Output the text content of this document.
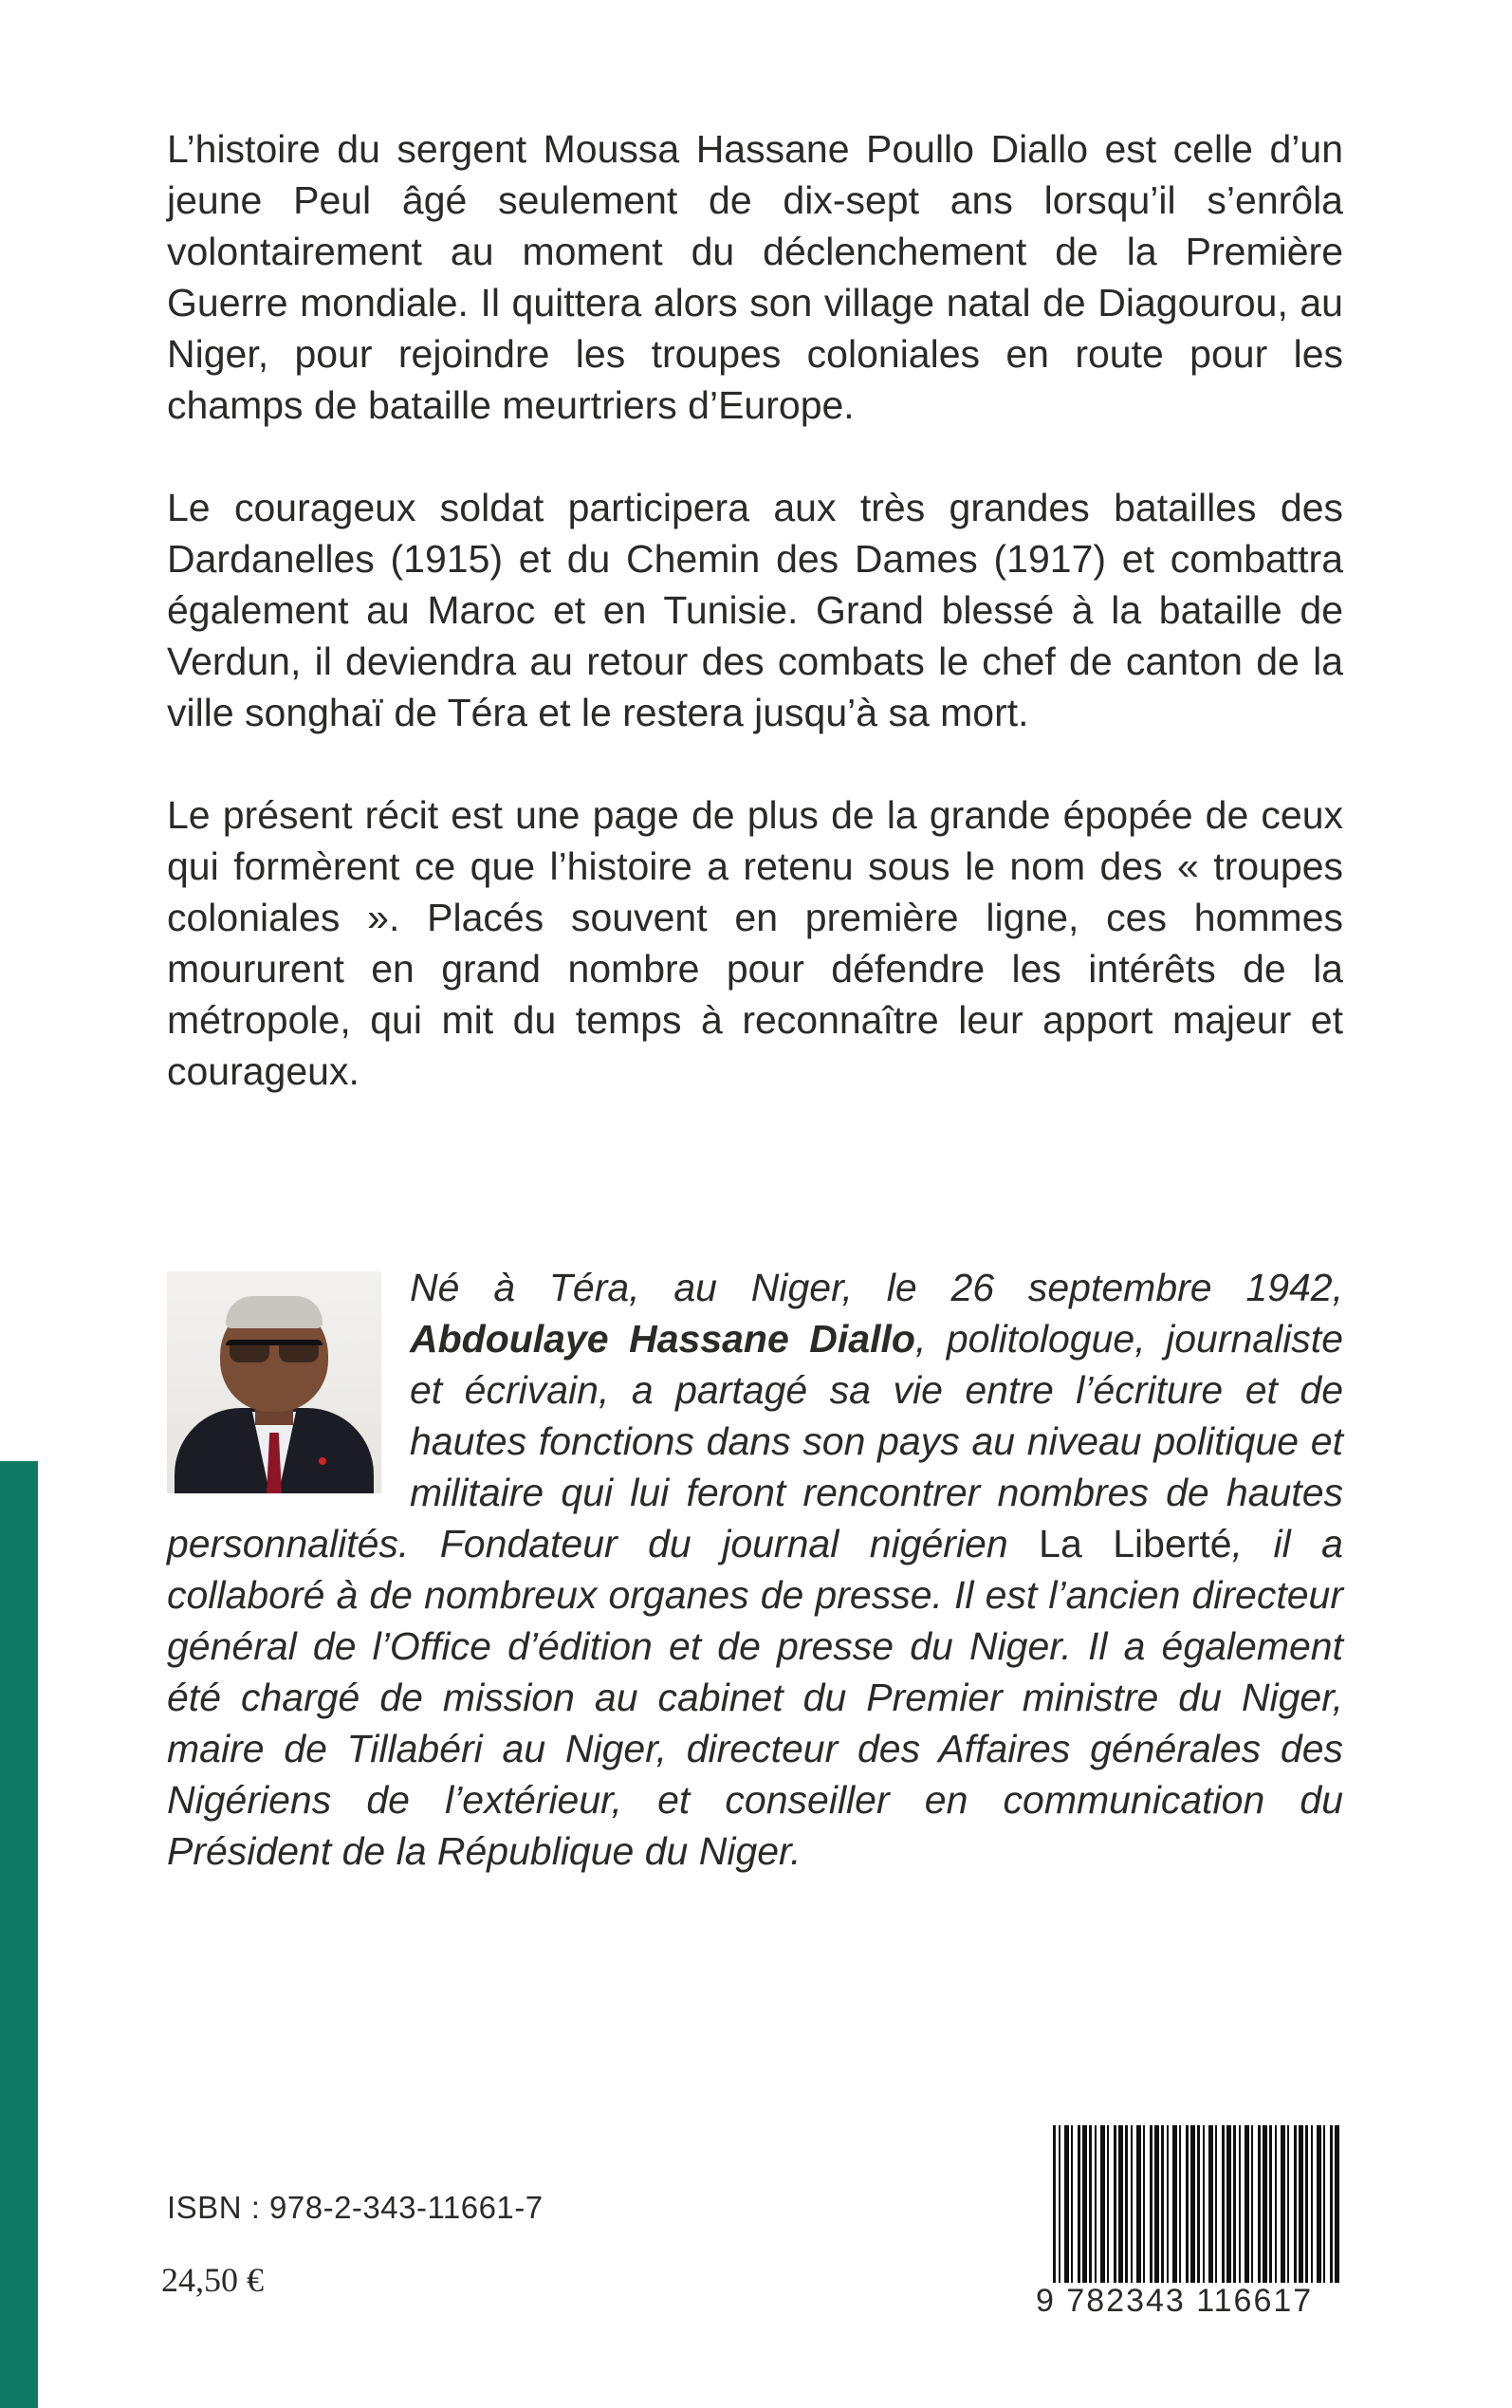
L’histoire du sergent Moussa Hassane Poullo Diallo est celle d’un jeune Peul âgé seulement de dix-sept ans lorsqu’il s’enrôla volontairement au moment du déclenchement de la Première Guerre mondiale. Il quittera alors son village natal de Diagourou, au Niger, pour rejoindre les troupes coloniales en route pour les champs de bataille meurtriers d’Europe.

Le courageux soldat participera aux très grandes batailles des Dardanelles (1915) et du Chemin des Dames (1917) et combattra également au Maroc et en Tunisie. Grand blessé à la bataille de Verdun, il deviendra au retour des combats le chef de canton de la ville songhaï de Téra et le restera jusqu’à sa mort.

Le présent récit est une page de plus de la grande épopée de ceux qui formèrent ce que l’histoire a retenu sous le nom des « troupes coloniales ». Placés souvent en première ligne, ces hommes moururent en grand nombre pour défendre les intérêts de la métropole, qui mit du temps à reconnaître leur apport majeur et courageux.

Né à Téra, au Niger, le 26 septembre 1942, Abdoulaye Hassane Diallo, politologue, journaliste et écrivain, a partagé sa vie entre l’écriture et de hautes fonctions dans son pays au niveau politique et militaire qui lui feront rencontrer nombres de hautes personnalités. Fondateur du journal nigérien La Liberté, il a collaboré à de nombreux organes de presse. Il est l’ancien directeur général de l’Office d’édition et de presse du Niger. Il a également été chargé de mission au cabinet du Premier ministre du Niger, maire de Tillabéri au Niger, directeur des Affaires générales des Nigériens de l’extérieur, et conseiller en communication du Président de la République du Niger.
ISBN : 978-2-343-11661-7
24,50 €
9 782343 116617
